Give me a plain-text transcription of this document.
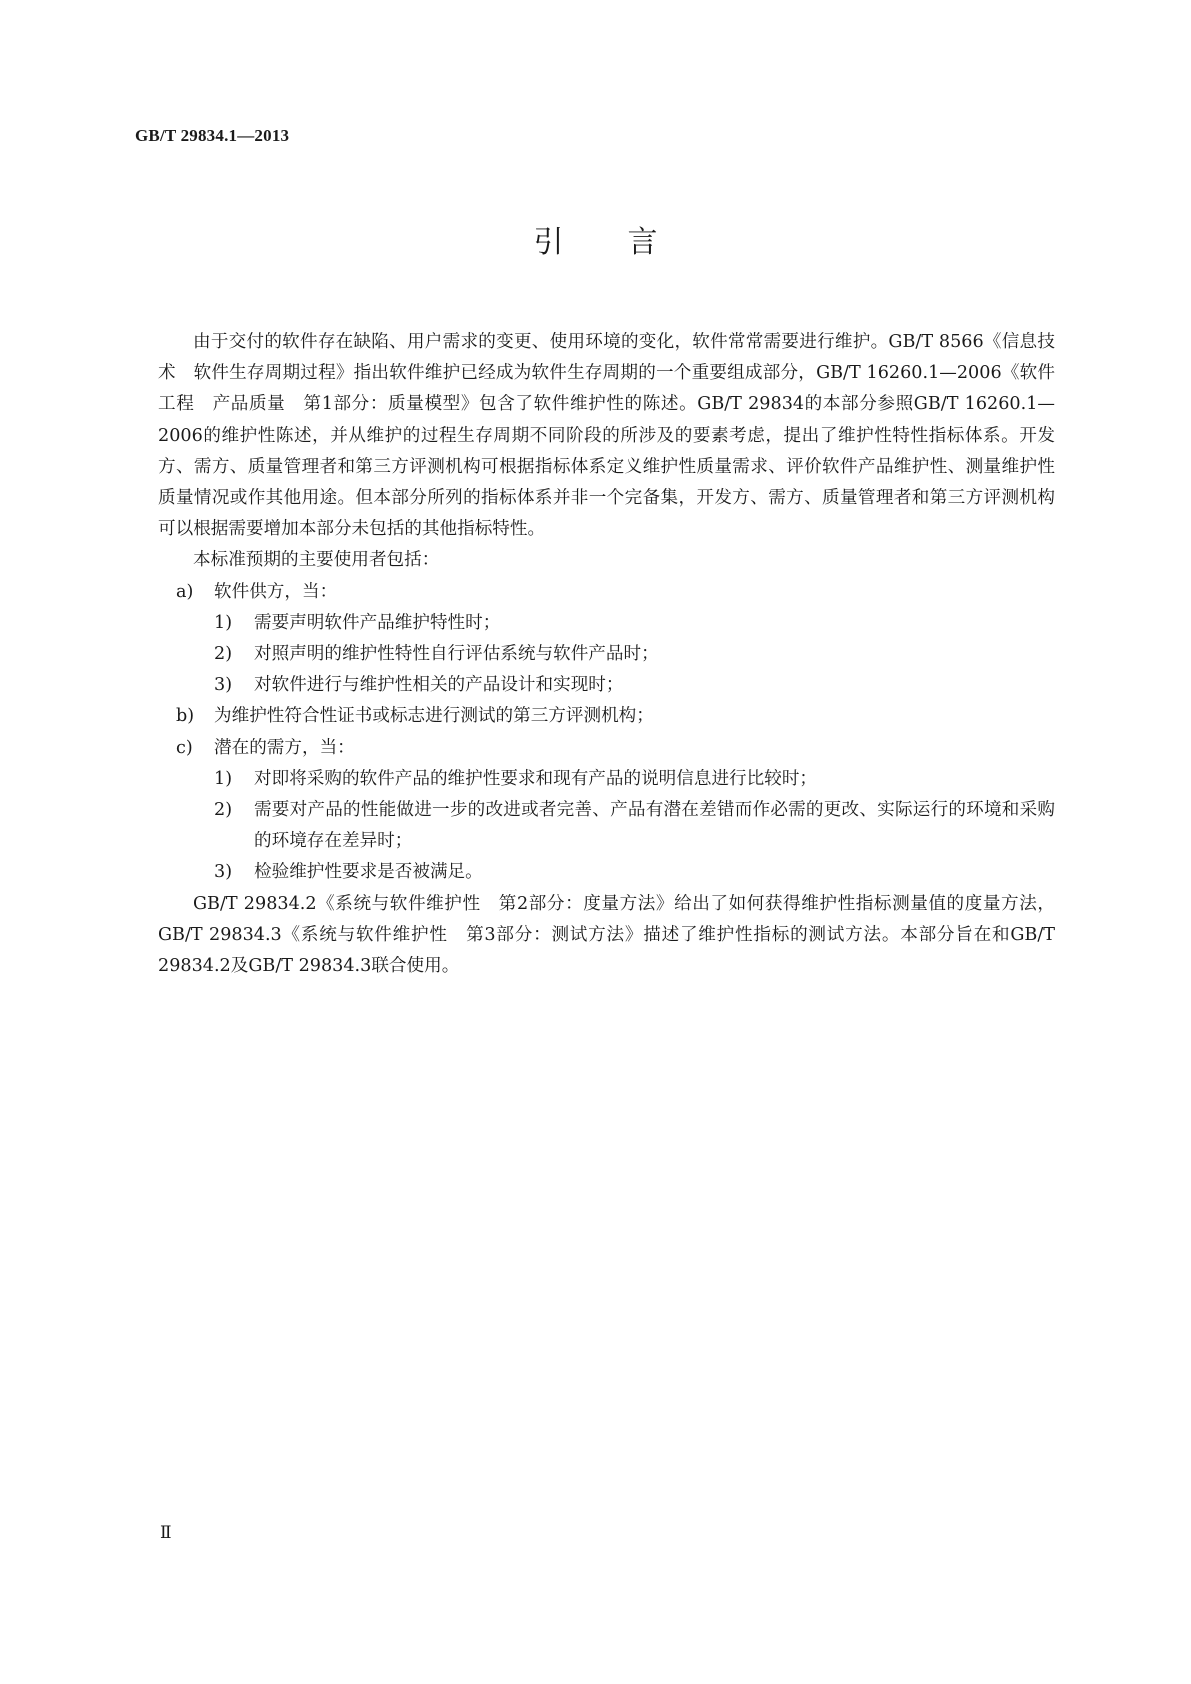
GB/T 29834.1—2013
引言

由于交付的软件存在缺陷、用户需求的变更、使用环境的变化，软件常常需要进行维护。GB/T 8566《信息技术　软件生存周期过程》指出软件维护已经成为软件生存周期的一个重要组成部分，GB/T 16260.1—2006《软件工程　产品质量　第1部分：质量模型》包含了软件维护性的陈述。GB/T 29834的本部分参照GB/T 16260.1—2006的维护性陈述，并从维护的过程生存周期不同阶段的所涉及的要素考虑，提出了维护性特性指标体系。开发方、需方、质量管理者和第三方评测机构可根据指标体系定义维护性质量需求、评价软件产品维护性、测量维护性质量情况或作其他用途。但本部分所列的指标体系并非一个完备集，开发方、需方、质量管理者和第三方评测机构可以根据需要增加本部分未包括的其他指标特性。

本标准预期的主要使用者包括：

a)	软件供方，当：
1)	需要声明软件产品维护特性时；
2)	对照声明的维护性特性自行评估系统与软件产品时；
3)	对软件进行与维护性相关的产品设计和实现时；
b)	为维护性符合性证书或标志进行测试的第三方评测机构；
c)	潜在的需方，当：
1)	对即将采购的软件产品的维护性要求和现有产品的说明信息进行比较时；
2)	需要对产品的性能做进一步的改进或者完善、产品有潜在差错而作必需的更改、实际运行的环境和采购的环境存在差异时；
3)	检验维护性要求是否被满足。

GB/T 29834.2《系统与软件维护性　第2部分：度量方法》给出了如何获得维护性指标测量值的度量方法，GB/T 29834.3《系统与软件维护性　第3部分：测试方法》描述了维护性指标的测试方法。本部分旨在和GB/T 29834.2及GB/T 29834.3联合使用。

Ⅱ
